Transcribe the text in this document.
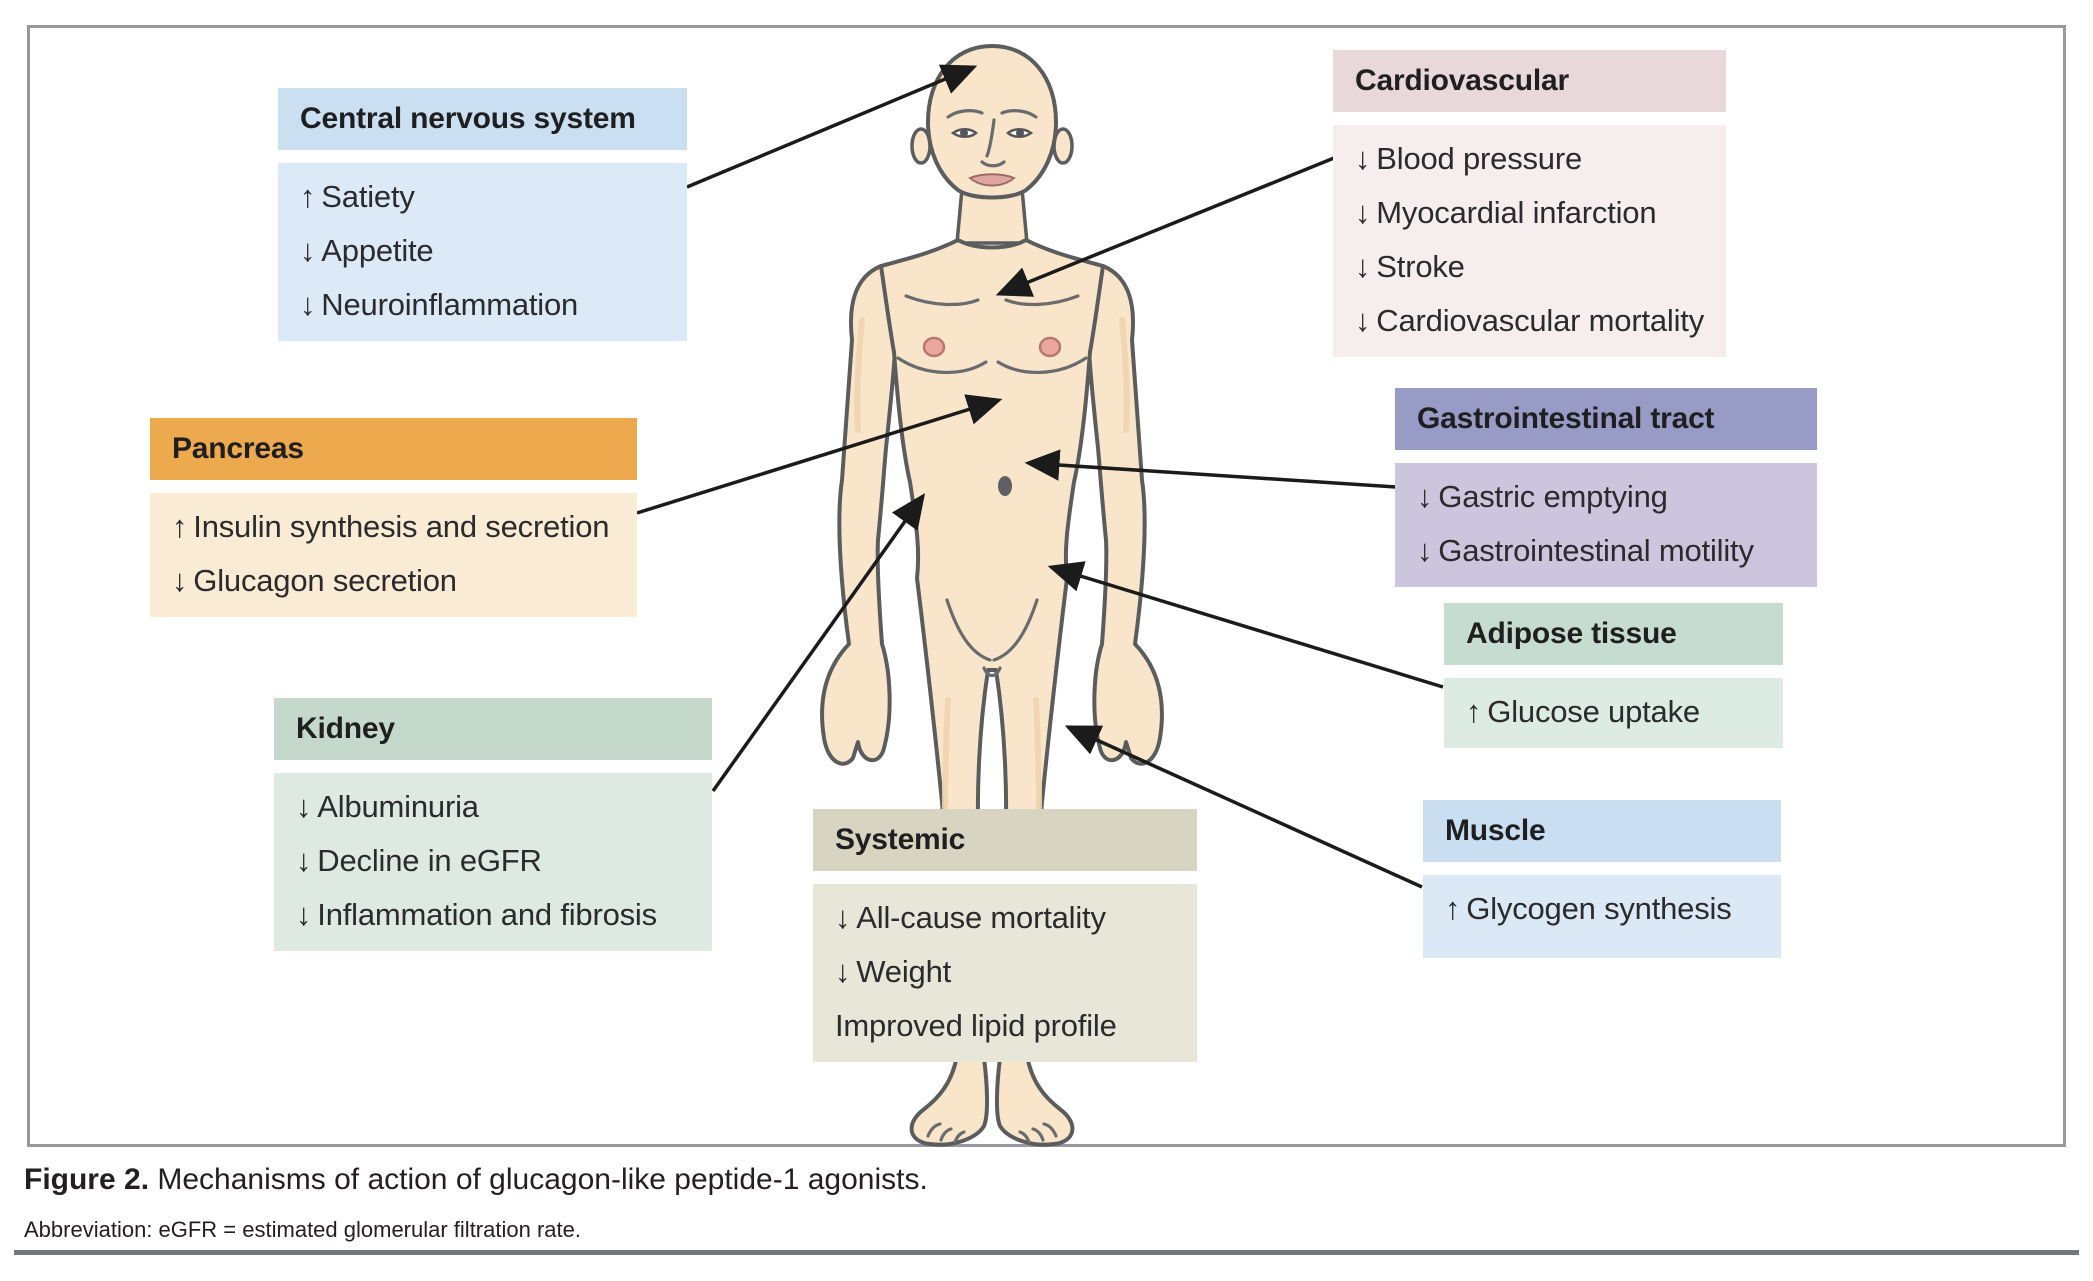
Central nervous system
↑ Satiety
↓ Appetite
↓ Neuroinflammation
Cardiovascular
↓ Blood pressure
↓ Myocardial infarction
↓ Stroke
↓ Cardiovascular mortality
Pancreas
↑ Insulin synthesis and secretion
↓ Glucagon secretion
Gastrointestinal tract
↓ Gastric emptying
↓ Gastrointestinal motility
Kidney
↓ Albuminuria
↓ Decline in eGFR
↓ Inflammation and fibrosis
Adipose tissue
↑ Glucose uptake
Muscle
↑ Glycogen synthesis
Systemic
↓ All-cause mortality
↓ Weight
Improved lipid profile
Figure 2. Mechanisms of action of glucagon-like peptide-1 agonists.
Abbreviation: eGFR = estimated glomerular filtration rate.
